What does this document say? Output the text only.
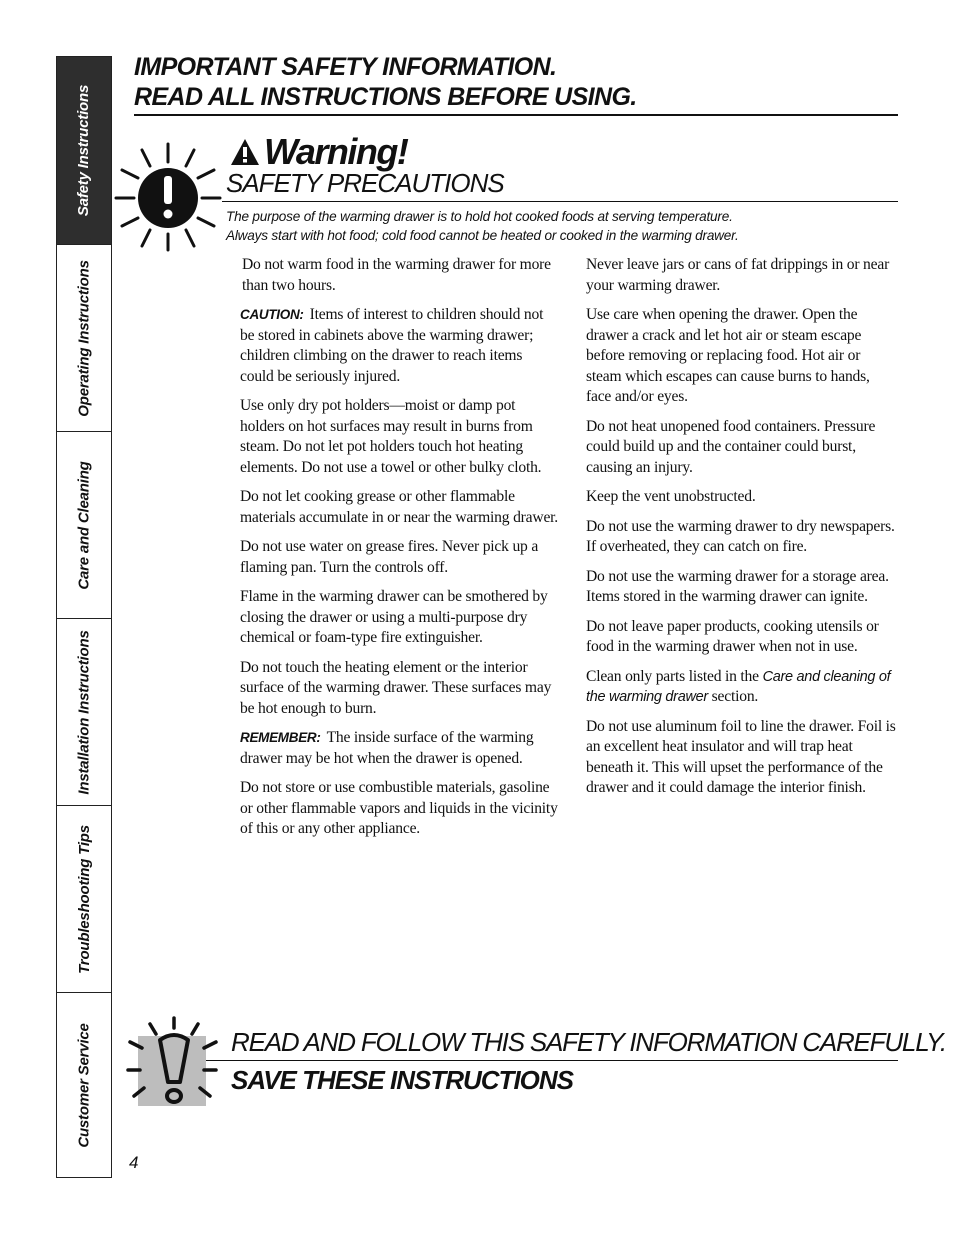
Safety Instructions
Operating Instructions
Care and Cleaning
Installation Instructions
Troubleshooting Tips
Customer Service
IMPORTANT SAFETY INFORMATION.
READ ALL INSTRUCTIONS BEFORE USING.
Warning!
SAFETY PRECAUTIONS
The purpose of the warming drawer is to hold hot cooked foods at serving temperature.
Always start with hot food; cold food cannot be heated or cooked in the warming drawer.

Do not warm food in the warming drawer for more than two hours.

CAUTION: Items of interest to children should not be stored in cabinets above the warming drawer; children climbing on the drawer to reach items could be seriously injured.

Use only dry pot holders—moist or damp pot holders on hot surfaces may result in burns from steam. Do not let pot holders touch hot heating elements. Do not use a towel or other bulky cloth.

Do not let cooking grease or other flammable materials accumulate in or near the warming drawer.

Do not use water on grease fires. Never pick up a flaming pan. Turn the controls off.

Flame in the warming drawer can be smothered by closing the drawer or using a multi-purpose dry chemical or foam-type fire extinguisher.

Do not touch the heating element or the interior surface of the warming drawer. These surfaces may be hot enough to burn.

REMEMBER: The inside surface of the warming drawer may be hot when the drawer is opened.

Do not store or use combustible materials, gasoline or other flammable vapors and liquids in the vicinity of this or any other appliance.

Never leave jars or cans of fat drippings in or near your warming drawer.

Use care when opening the drawer. Open the drawer a crack and let hot air or steam escape before removing or replacing food. Hot air or steam which escapes can cause burns to hands, face and/or eyes.

Do not heat unopened food containers. Pressure could build up and the container could burst, causing an injury.

Keep the vent unobstructed.

Do not use the warming drawer to dry newspapers. If overheated, they can catch on fire.

Do not use the warming drawer for a storage area. Items stored in the warming drawer can ignite.

Do not leave paper products, cooking utensils or food in the warming drawer when not in use.

Clean only parts listed in the Care and cleaning of the warming drawer section.

Do not use aluminum foil to line the drawer. Foil is an excellent heat insulator and will trap heat beneath it. This will upset the performance of the drawer and it could damage the interior finish.

READ AND FOLLOW THIS SAFETY INFORMATION CAREFULLY.
SAVE THESE INSTRUCTIONS
4
